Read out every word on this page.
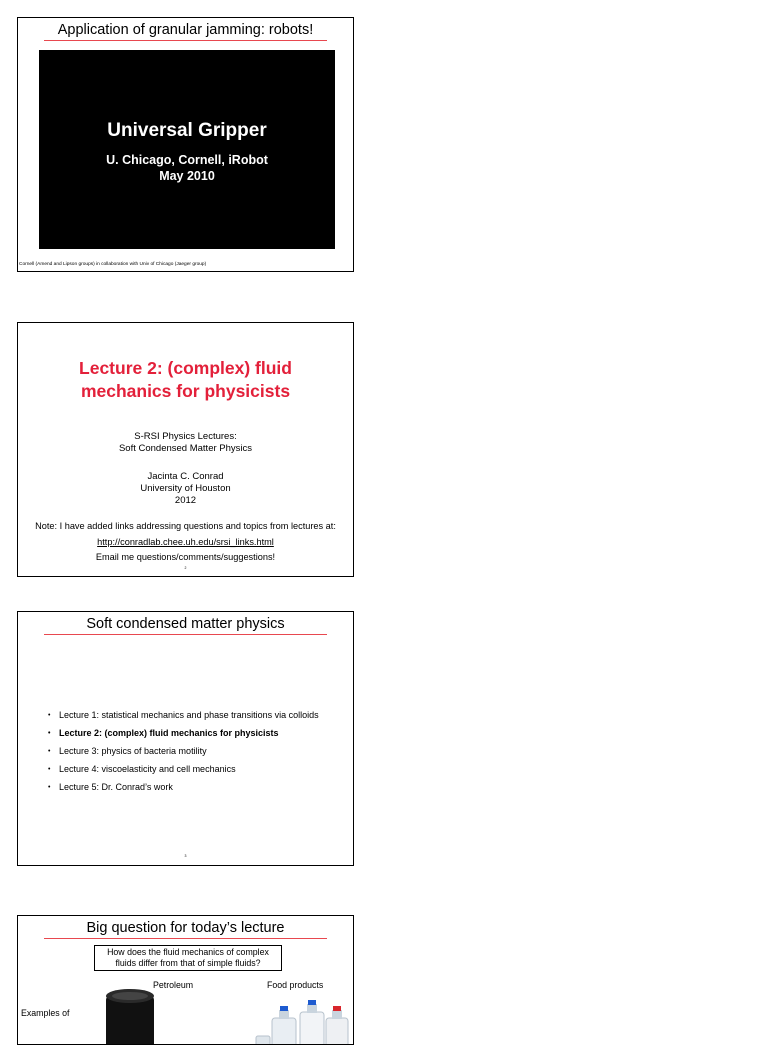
Application of granular jamming: robots!
Universal Gripper
U. Chicago, Cornell, iRobot
May 2010
Cornell (Amend and Lipson groups) in collaboration with Univ of Chicago (Jaeger group)
Lecture 2: (complex) fluid
mechanics for physicists
S-RSI Physics Lectures:
Soft Condensed Matter Physics
Jacinta C. Conrad
University of Houston
2012
Note: I have added links addressing questions and topics from lectures at:
http://conradlab.chee.uh.edu/srsi_links.html
Email me questions/comments/suggestions!
2
Soft condensed matter physics
• Lecture 1: statistical mechanics and phase transitions via colloids
• Lecture 2: (complex) fluid mechanics for physicists
• Lecture 3: physics of bacteria motility
• Lecture 4: viscoelasticity and cell mechanics
• Lecture 5: Dr. Conrad’s work
3
Big question for today’s lecture
How does the fluid mechanics of complex fluids differ from that of simple fluids?
Petroleum	Food products
Examples of
